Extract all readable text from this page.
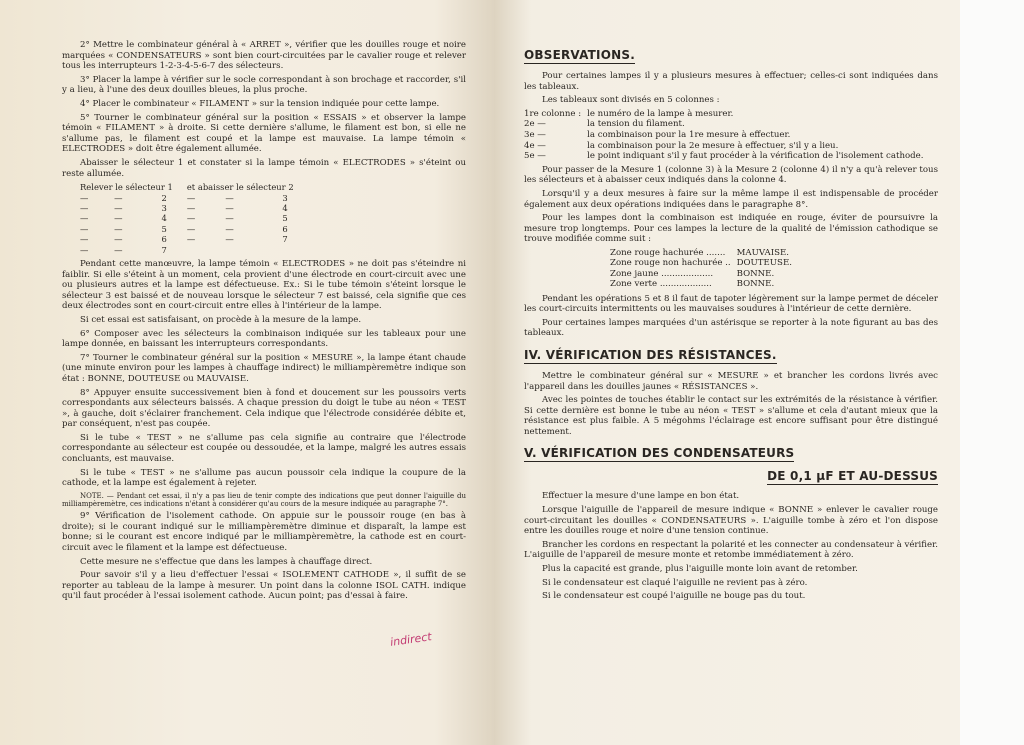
2° Mettre le combinateur général à « ARRET », vérifier que les douilles rouge et noire marquées « CONDENSATEURS » sont bien court-circuitées par le cavalier rouge et relever tous les interrupteurs 1-2-3-4-5-6-7 des sélecteurs.

3° Placer la lampe à vérifier sur le socle correspondant à son brochage et raccorder, s'il y a lieu, à l'une des deux douilles bleues, la plus proche.

4° Placer le combinateur « FILAMENT » sur la tension indiquée pour cette lampe.

5° Tourner le combinateur général sur la position « ESSAIS » et observer la lampe témoin « FILAMENT » à droite. Si cette dernière s'allume, le filament est bon, si elle ne s'allume pas, le filament est coupé et la lampe est mauvaise. La lampe témoin « ELECTRODES » doit être également allumée.

Abaisser le sélecteur 1 et constater si la lampe témoin « ELECTRODES » s'éteint ou reste allumée.

Relever le sélecteur 1			et abaisser le sélecteur 2		
—	—	2	—	—	3
—	—	3	—	—	4
—	—	4	—	—	5
—	—	5	—	—	6
—	—	6	—	—	7
—	—	7			

Pendant cette manœuvre, la lampe témoin « ELECTRODES » ne doit pas s'éteindre ni faiblir. Si elle s'éteint à un moment, cela provient d'une électrode en court-circuit avec une ou plusieurs autres et la lampe est défectueuse. Ex.: Si le tube témoin s'éteint lorsque le sélecteur 3 est baissé et de nouveau lorsque le sélecteur 7 est baissé, cela signifie que ces deux électrodes sont en court-circuit entre elles à l'intérieur de la lampe.

Si cet essai est satisfaisant, on procède à la mesure de la lampe.

6° Composer avec les sélecteurs la combinaison indiquée sur les tableaux pour une lampe donnée, en baissant les interrupteurs correspondants.

7° Tourner le combinateur général sur la position « MESURE », la lampe étant chaude (une minute environ pour les lampes à chauffage indirect) le milliampèremètre indique son état : BONNE, DOUTEUSE ou MAUVAISE.

8° Appuyer ensuite successivement bien à fond et doucement sur les poussoirs verts correspondants aux sélecteurs baissés. A chaque pression du doigt le tube au néon « TEST », à gauche, doit s'éclairer franchement. Cela indique que l'électrode considérée débite et, par conséquent, n'est pas coupée.

Si le tube « TEST » ne s'allume pas cela signifie au contraire que l'électrode correspondante au sélecteur est coupée ou dessoudée, et la lampe, malgré les autres essais concluants, est mauvaise.

Si le tube « TEST » ne s'allume pas aucun poussoir cela indique la coupure de la cathode, et la lampe est également à rejeter.

NOTE. — Pendant cet essai, il n'y a pas lieu de tenir compte des indications que peut donner l'aiguille du milliampèremètre, ces indications n'étant à considérer qu'au cours de la mesure indiquée au paragraphe 7°.

9° Vérification de l'isolement cathode. On appuie sur le poussoir rouge (en bas à droite); si le courant indiqué sur le milliampèremètre diminue et disparaît, la lampe est bonne; si le courant est encore indiqué par le milliampèremètre, la cathode est en court-circuit avec le filament et la lampe est défectueuse.

Cette mesure ne s'effectue que dans les lampes à chauffage direct.

Pour savoir s'il y a lieu d'effectuer l'essai « ISOLEMENT CATHODE », il suffit de se reporter au tableau de la lampe à mesurer. Un point dans la colonne ISOL CATH. indique qu'il faut procéder à l'essai isolement cathode. Aucun point; pas d'essai à faire.

indirect
OBSERVATIONS.

Pour certaines lampes il y a plusieurs mesures à effectuer; celles-ci sont indiquées dans les tableaux.

Les tableaux sont divisés en 5 colonnes :

1re colonne :	le numéro de la lampe à mesurer.
2e —	la tension du filament.
3e —	la combinaison pour la 1re mesure à effectuer.
4e —	la combinaison pour la 2e mesure à effectuer, s'il y a lieu.
5e —	le point indiquant s'il y faut procéder à la vérification de l'isolement cathode.

Pour passer de la Mesure 1 (colonne 3) à la Mesure 2 (colonne 4) il n'y a qu'à relever tous les sélecteurs et à abaisser ceux indiqués dans la colonne 4.

Lorsqu'il y a deux mesures à faire sur la même lampe il est indispensable de procéder également aux deux opérations indiquées dans le paragraphe 8°.

Pour les lampes dont la combinaison est indiquée en rouge, éviter de poursuivre la mesure trop longtemps. Pour ces lampes la lecture de la qualité de l'émission cathodique se trouve modifiée comme suit :

Zone rouge hachurée .......	MAUVAISE.
Zone rouge non hachurée ..	DOUTEUSE.
Zone jaune ...................	BONNE.
Zone verte ...................	BONNE.

Pendant les opérations 5 et 8 il faut de tapoter légèrement sur la lampe permet de déceler les court-circuits intermittents ou les mauvaises soudures à l'intérieur de cette dernière.

Pour certaines lampes marquées d'un astérisque se reporter à la note figurant au bas des tableaux.

IV. VÉRIFICATION DES RÉSISTANCES.

Mettre le combinateur général sur « MESURE » et brancher les cordons livrés avec l'appareil dans les douilles jaunes « RÉSISTANCES ».

Avec les pointes de touches établir le contact sur les extrémités de la résistance à vérifier. Si cette dernière est bonne le tube au néon « TEST » s'allume et cela d'autant mieux que la résistance est plus faible. A 5 mégohms l'éclairage est encore suffisant pour être distingué nettement.

V. VÉRIFICATION DES CONDENSATEURS
DE 0,1 µF ET AU-DESSUS

Effectuer la mesure d'une lampe en bon état.

Lorsque l'aiguille de l'appareil de mesure indique « BONNE » enlever le cavalier rouge court-circuitant les douilles « CONDENSATEURS ». L'aiguille tombe à zéro et l'on dispose entre les douilles rouge et noire d'une tension continue.

Brancher les cordons en respectant la polarité et les connecter au condensateur à vérifier. L'aiguille de l'appareil de mesure monte et retombe immédiatement à zéro.

Plus la capacité est grande, plus l'aiguille monte loin avant de retomber.

Si le condensateur est claqué l'aiguille ne revient pas à zéro.

Si le condensateur est coupé l'aiguille ne bouge pas du tout.
